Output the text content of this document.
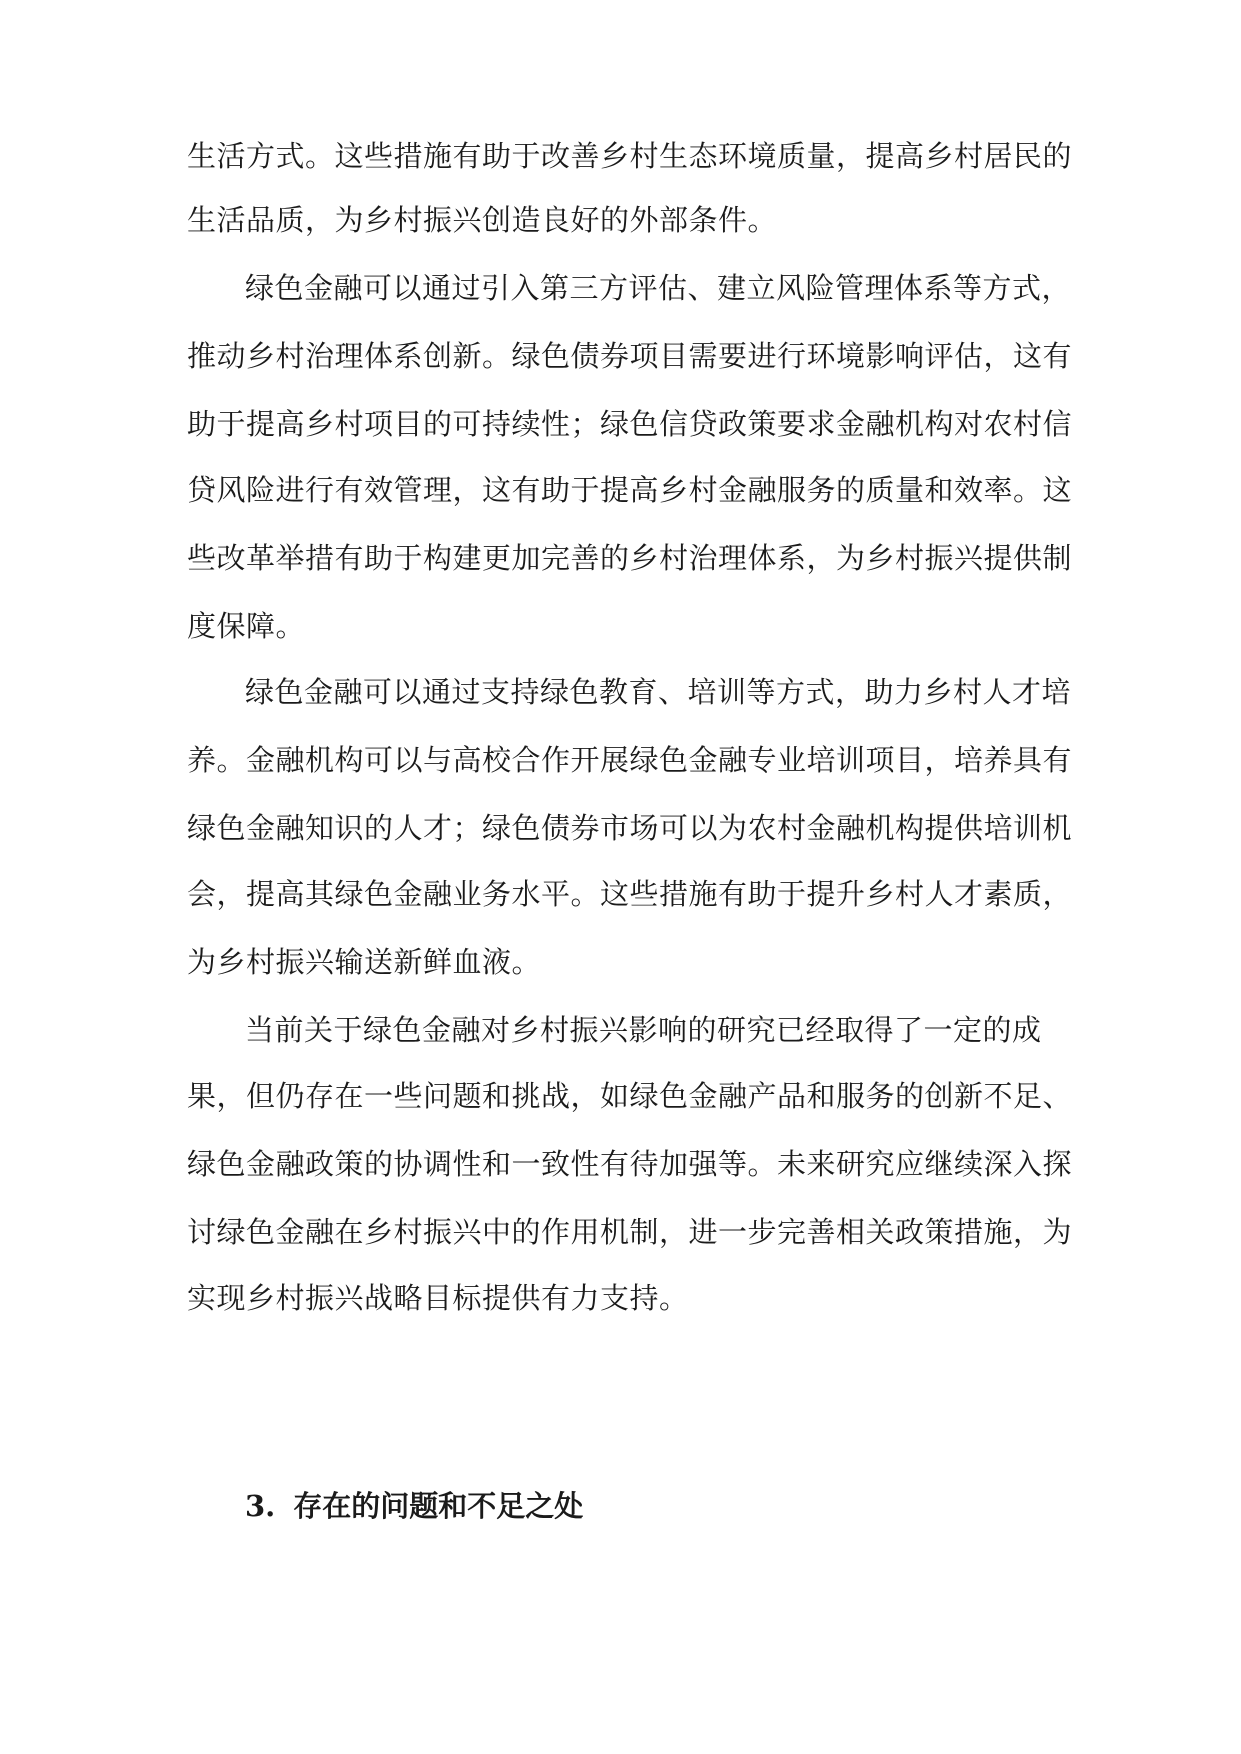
生活方式。这些措施有助于改善乡村生态环境质量，提高乡村居民的
生活品质，为乡村振兴创造良好的外部条件。
绿色金融可以通过引入第三方评估、建立风险管理体系等方式，
推动乡村治理体系创新。绿色债券项目需要进行环境影响评估，这有
助于提高乡村项目的可持续性；绿色信贷政策要求金融机构对农村信
贷风险进行有效管理，这有助于提高乡村金融服务的质量和效率。这
些改革举措有助于构建更加完善的乡村治理体系，为乡村振兴提供制
度保障。
绿色金融可以通过支持绿色教育、培训等方式，助力乡村人才培
养。金融机构可以与高校合作开展绿色金融专业培训项目，培养具有
绿色金融知识的人才；绿色债券市场可以为农村金融机构提供培训机
会，提高其绿色金融业务水平。这些措施有助于提升乡村人才素质，
为乡村振兴输送新鲜血液。
当前关于绿色金融对乡村振兴影响的研究已经取得了一定的成
果，但仍存在一些问题和挑战，如绿色金融产品和服务的创新不足、
绿色金融政策的协调性和一致性有待加强等。未来研究应继续深入探
讨绿色金融在乡村振兴中的作用机制，进一步完善相关政策措施，为
实现乡村振兴战略目标提供有力支持。
3. 存在的问题和不足之处
